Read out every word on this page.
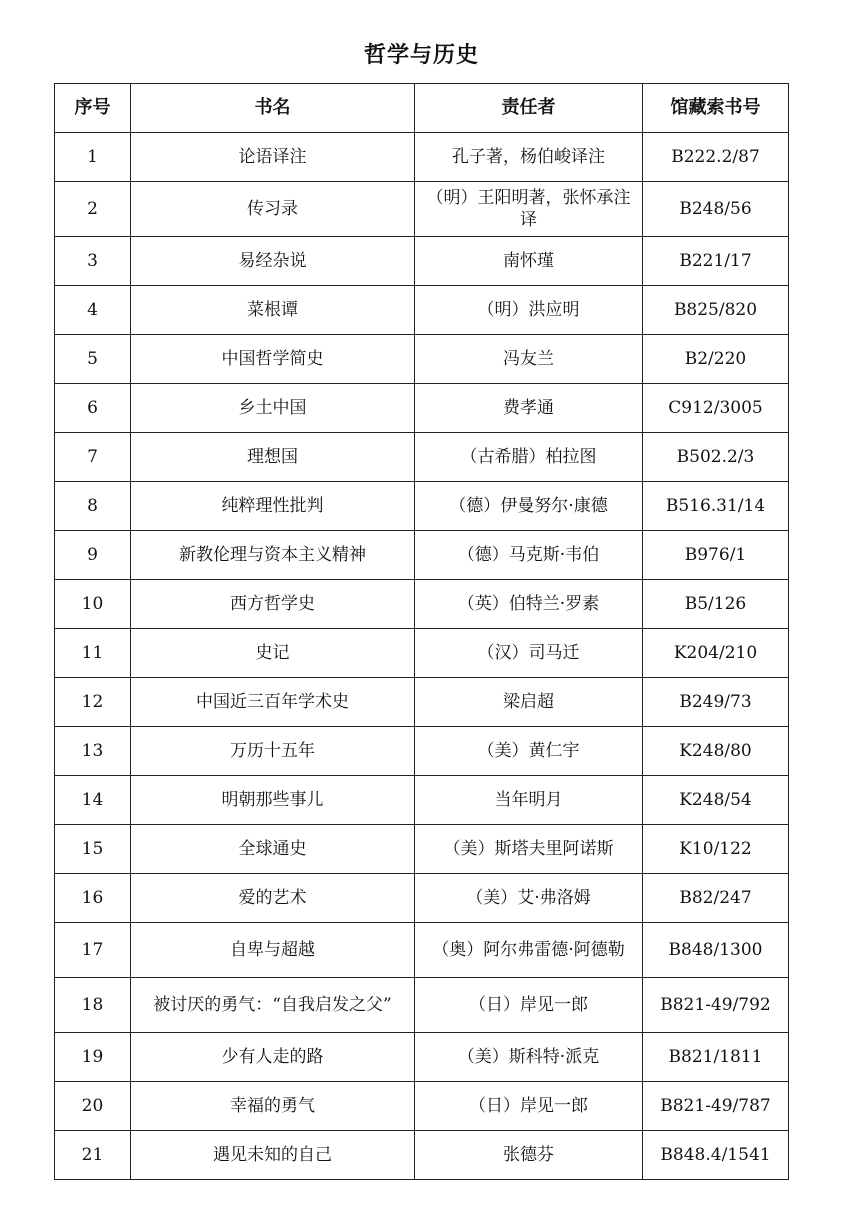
哲学与历史
序号	书名	责任者	馆藏索书号
1	论语译注	孔子著，杨伯峻译注	B222.2/87
2	传习录	（明）王阳明著，张怀承注译	B248/56
3	易经杂说	南怀瑾	B221/17
4	菜根谭	（明）洪应明	B825/820
5	中国哲学简史	冯友兰	B2/220
6	乡土中国	费孝通	C912/3005
7	理想国	（古希腊）柏拉图	B502.2/3
8	纯粹理性批判	（德）伊曼努尔·康德	B516.31/14
9	新教伦理与资本主义精神	（德）马克斯·韦伯	B976/1
10	西方哲学史	（英）伯特兰·罗素	B5/126
11	史记	（汉）司马迁	K204/210
12	中国近三百年学术史	梁启超	B249/73
13	万历十五年	（美）黄仁宇	K248/80
14	明朝那些事儿	当年明月	K248/54
15	全球通史	（美）斯塔夫里阿诺斯	K10/122
16	爱的艺术	（美）艾·弗洛姆	B82/247
17	自卑与超越	（奥）阿尔弗雷德·阿德勒	B848/1300
18	被讨厌的勇气：“自我启发之父”	（日）岸见一郎	B821-49/792
19	少有人走的路	（美）斯科特·派克	B821/1811
20	幸福的勇气	（日）岸见一郎	B821-49/787
21	遇见未知的自己	张德芬	B848.4/1541
